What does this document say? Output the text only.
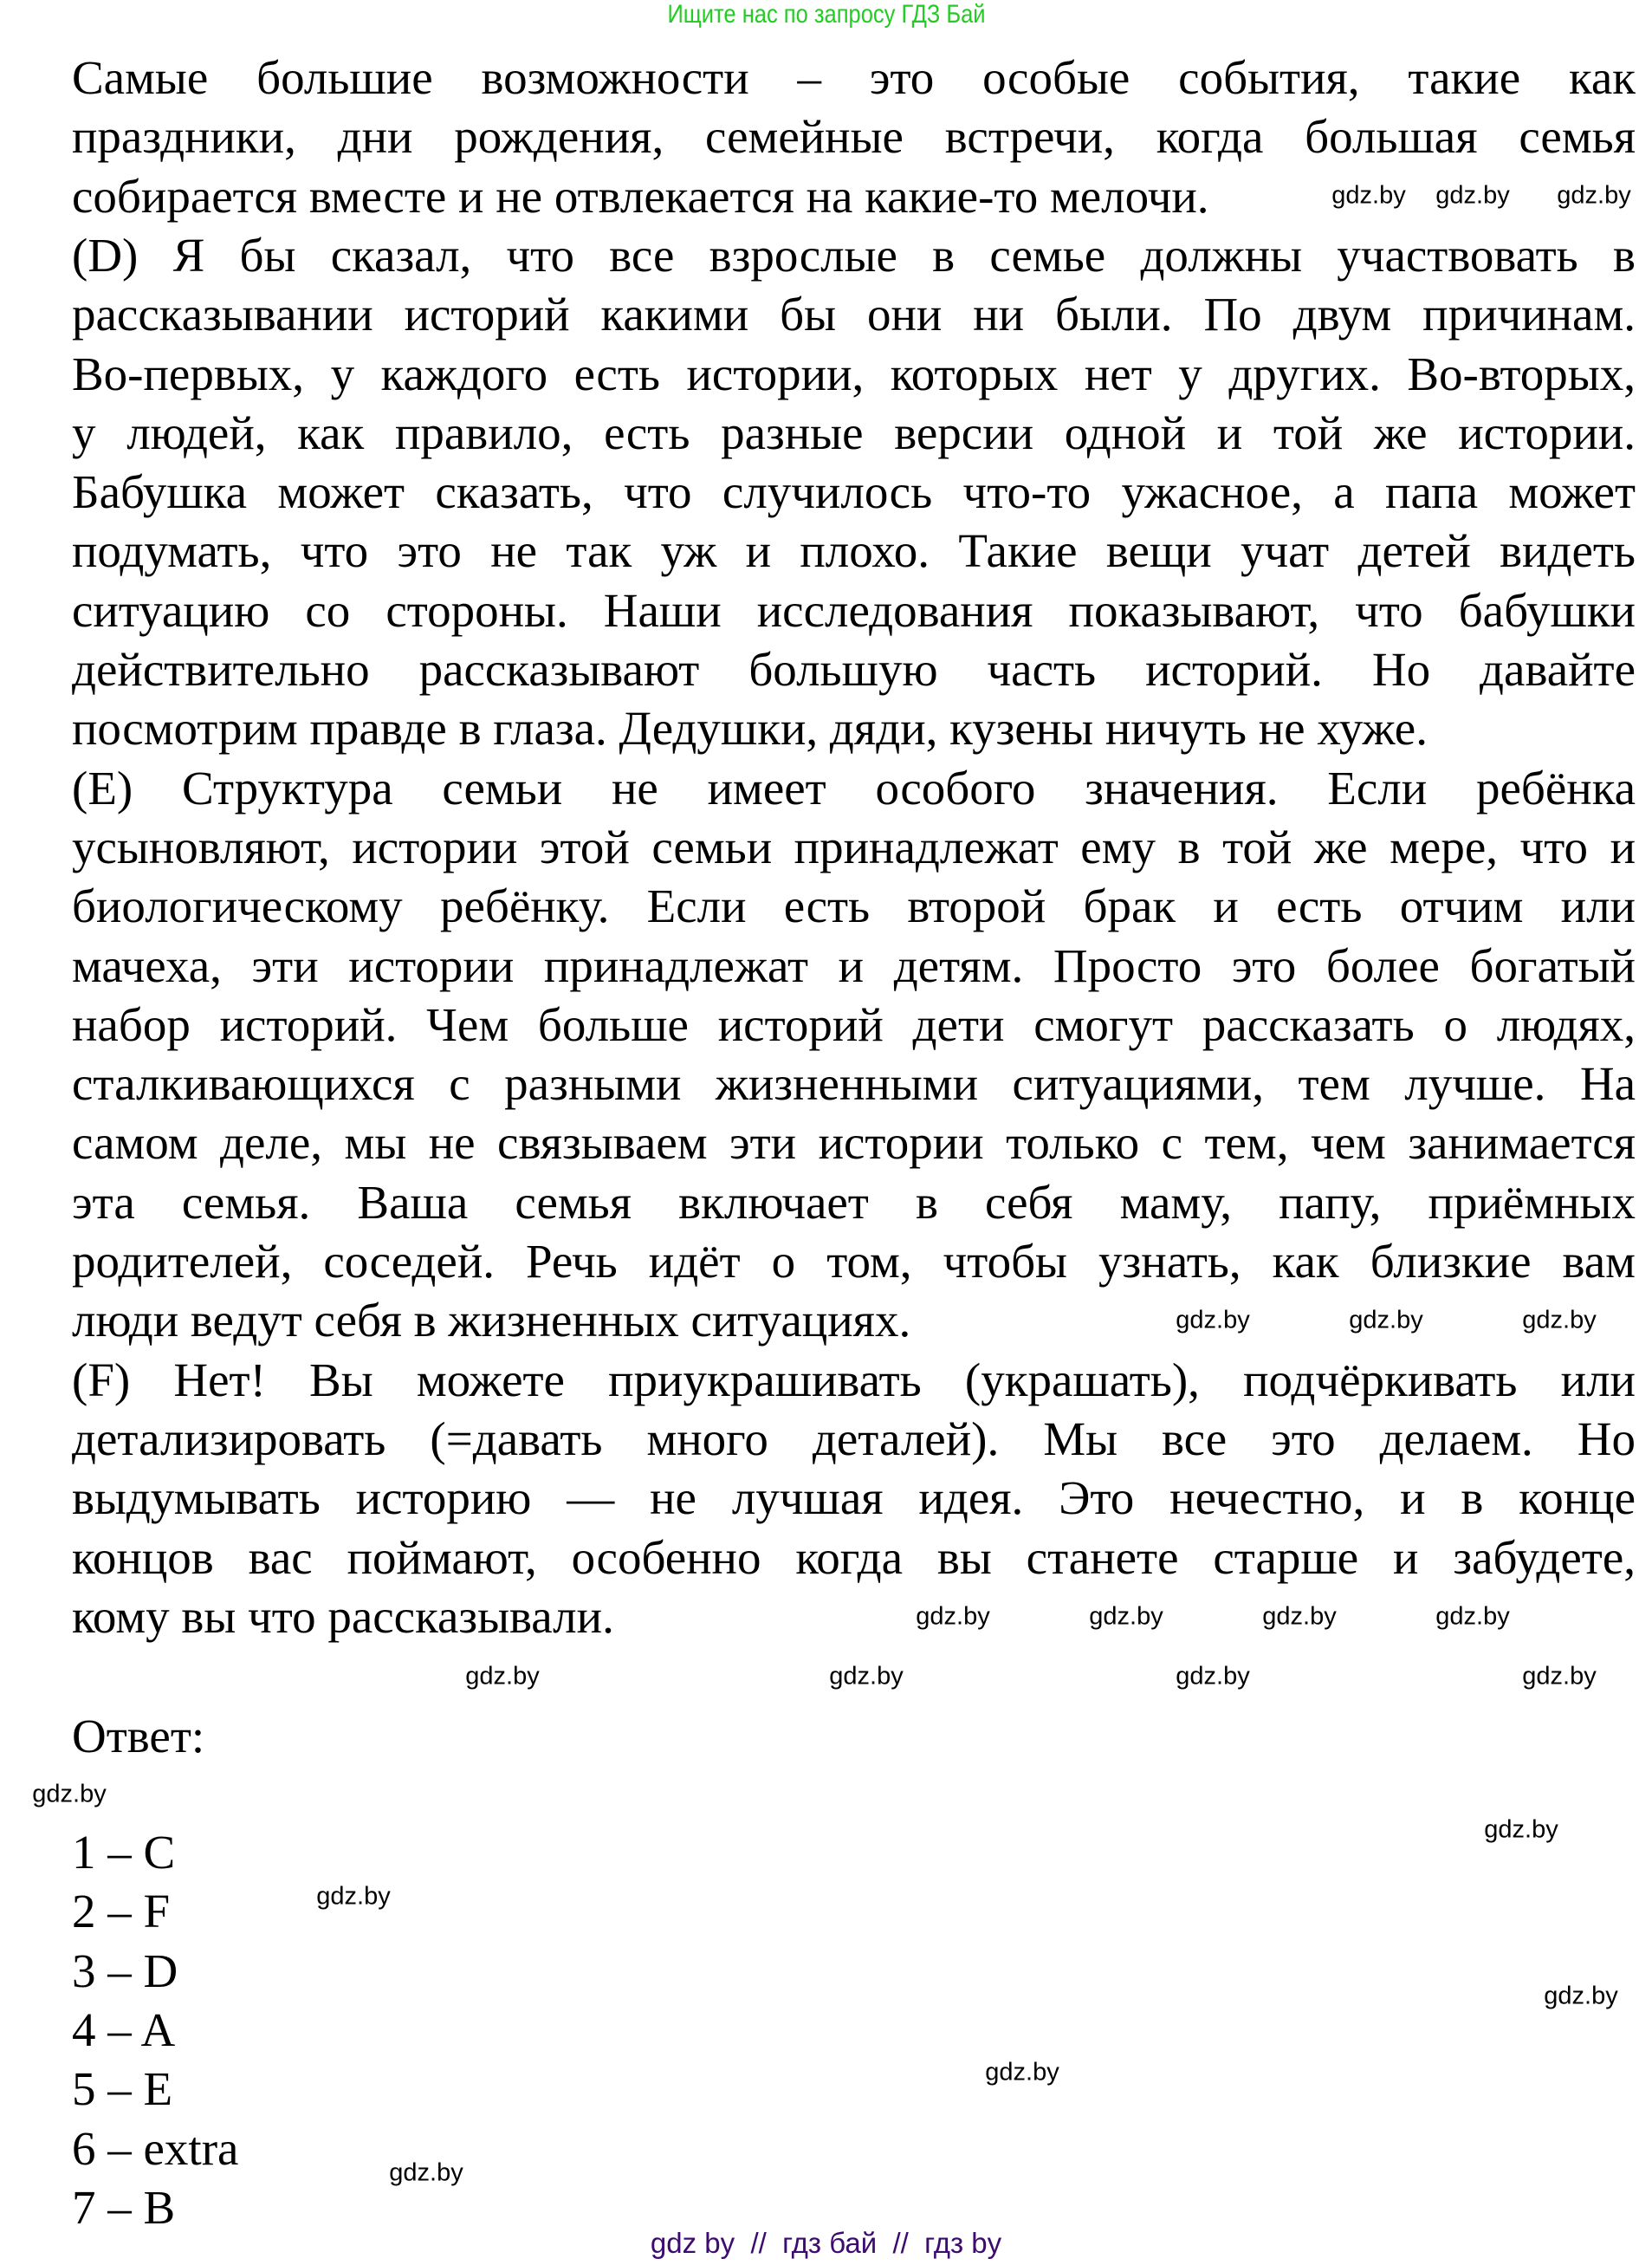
Ищите нас по запросу ГДЗ Бай
Самые большие возможности – это особые события, такие как
праздники, дни рождения, семейные встречи, когда большая семья
собирается вместе и не отвлекается на какие-то мелочи.
(D) Я бы сказал, что все взрослые в семье должны участвовать в
рассказывании историй какими бы они ни были. По двум причинам.
Во-первых, у каждого есть истории, которых нет у других. Во-вторых,
у людей, как правило, есть разные версии одной и той же истории.
Бабушка может сказать, что случилось что-то ужасное, а папа может
подумать, что это не так уж и плохо. Такие вещи учат детей видеть
ситуацию со стороны. Наши исследования показывают, что бабушки
действительно рассказывают большую часть историй. Но давайте
посмотрим правде в глаза. Дедушки, дяди, кузены ничуть не хуже.
(E) Структура семьи не имеет особого значения. Если ребёнка
усыновляют, истории этой семьи принадлежат ему в той же мере, что и
биологическому ребёнку. Если есть второй брак и есть отчим или
мачеха, эти истории принадлежат и детям. Просто это более богатый
набор историй. Чем больше историй дети смогут рассказать о людях,
сталкивающихся с разными жизненными ситуациями, тем лучше. На
самом деле, мы не связываем эти истории только с тем, чем занимается
эта семья. Ваша семья включает в себя маму, папу, приёмных
родителей, соседей. Речь идёт о том, чтобы узнать, как близкие вам
люди ведут себя в жизненных ситуациях.
(F) Нет! Вы можете приукрашивать (украшать), подчёркивать или
детализировать (=давать много деталей). Мы все это делаем. Но
выдумывать историю — не лучшая идея. Это нечестно, и в конце
концов вас поймают, особенно когда вы станете старше и забудете,
кому вы что рассказывали.
Ответ:
1 – C
2 – F
3 – D
4 – A
5 – E
6 – extra
7 – B
gdz.by gdz.by gdz.by
gdz.by	gdz.by	gdz.by
gdz.by	gdz.by	gdz.by	gdz.by
gdz.by	gdz.by	gdz.by	gdz.by
gdz.by
gdz.by
gdz.by
gdz.by
gdz.by
gdz.by
gdz by  //  гдз бай  //  гдз by
